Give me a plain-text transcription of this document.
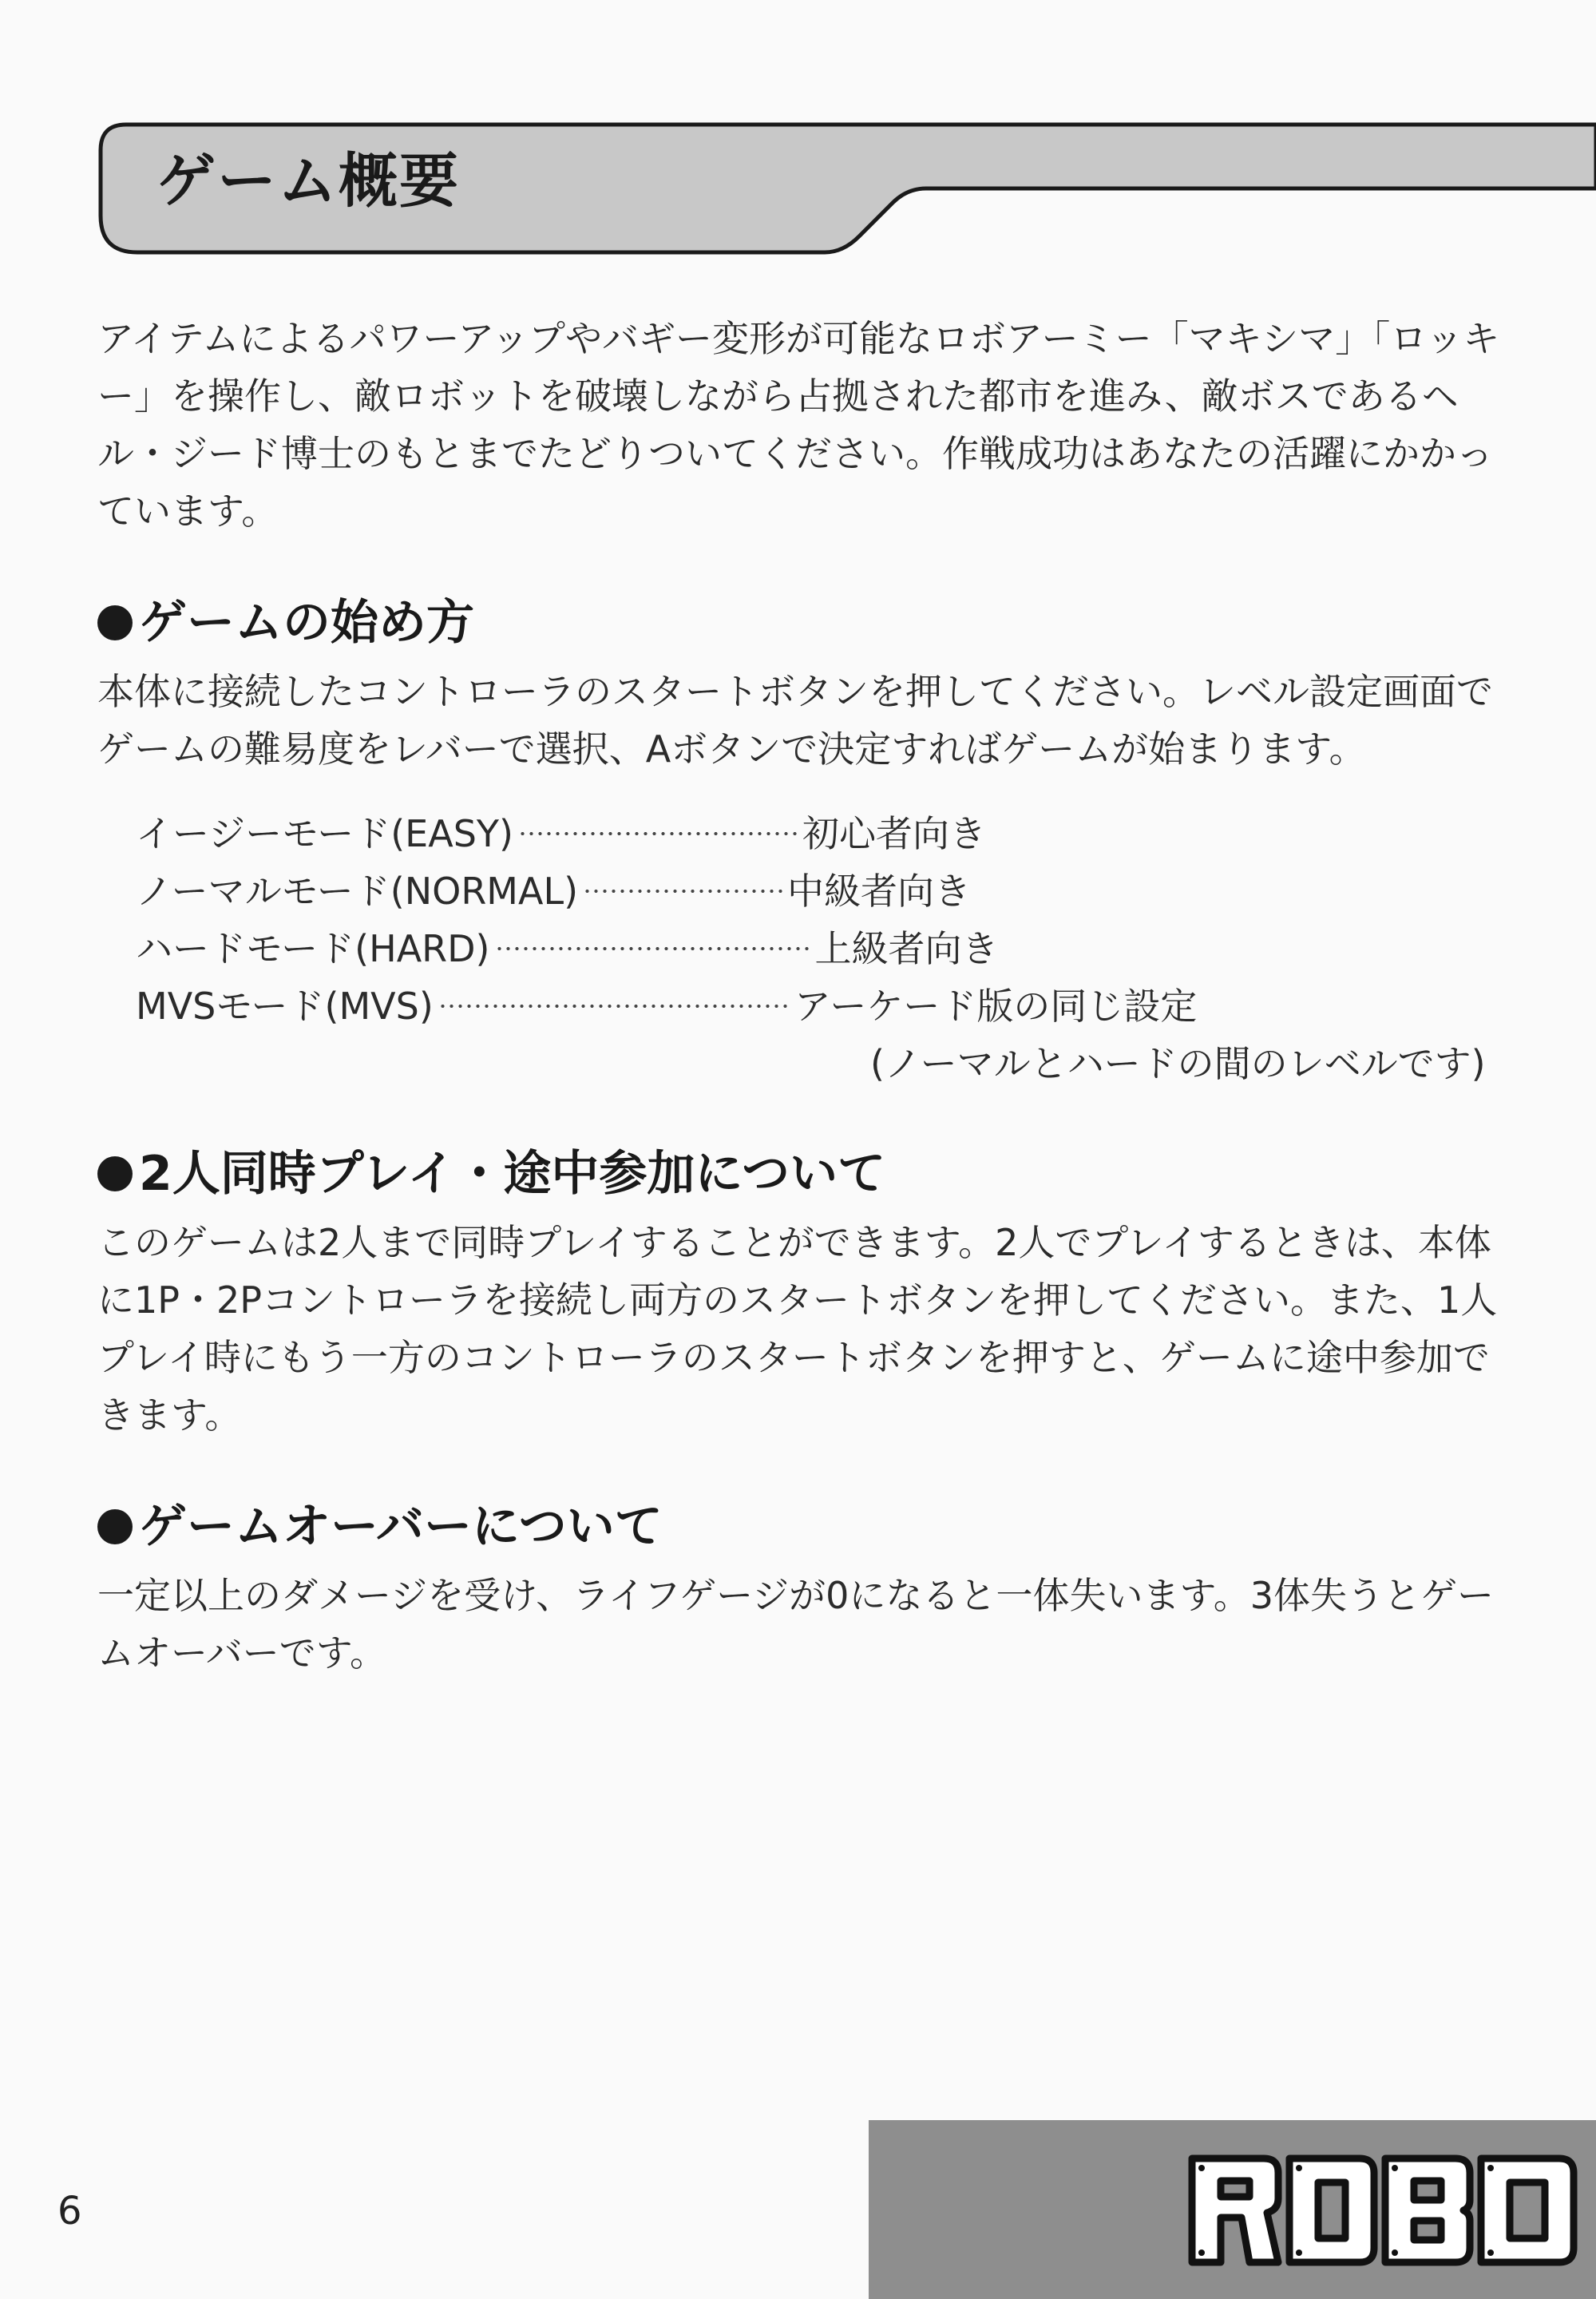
ゲーム概要

アイテムによるパワーアップやバギー変形が可能なロボアーミー「マキシマ」「ロッキー」を操作し、敵ロボットを破壊しながら占拠された都市を進み、敵ボスであるヘル・ジード博士のもとまでたどりついてください。作戦成功はあなたの活躍にかかっています。

ゲームの始め方

本体に接続したコントローラのスタートボタンを押してください。レベル設定画面でゲームの難易度をレバーで選択、Aボタンで決定すればゲームが始まります。

イージーモード(EASY)	初心者向き
ノーマルモード(NORMAL)	中級者向き
ハードモード(HARD)	上級者向き
MVSモード(MVS)	アーケード版の同じ設定
(ノーマルとハードの間のレベルです)
2人同時プレイ・途中参加について

このゲームは2人まで同時プレイすることができます。2人でプレイするときは、本体に1P・2Pコントローラを接続し両方のスタートボタンを押してください。また、1人プレイ時にもう一方のコントローラのスタートボタンを押すと、ゲームに途中参加できます。

ゲームオーバーについて

一定以上のダメージを受け、ライフゲージが0になると一体失います。3体失うとゲームオーバーです。

6
